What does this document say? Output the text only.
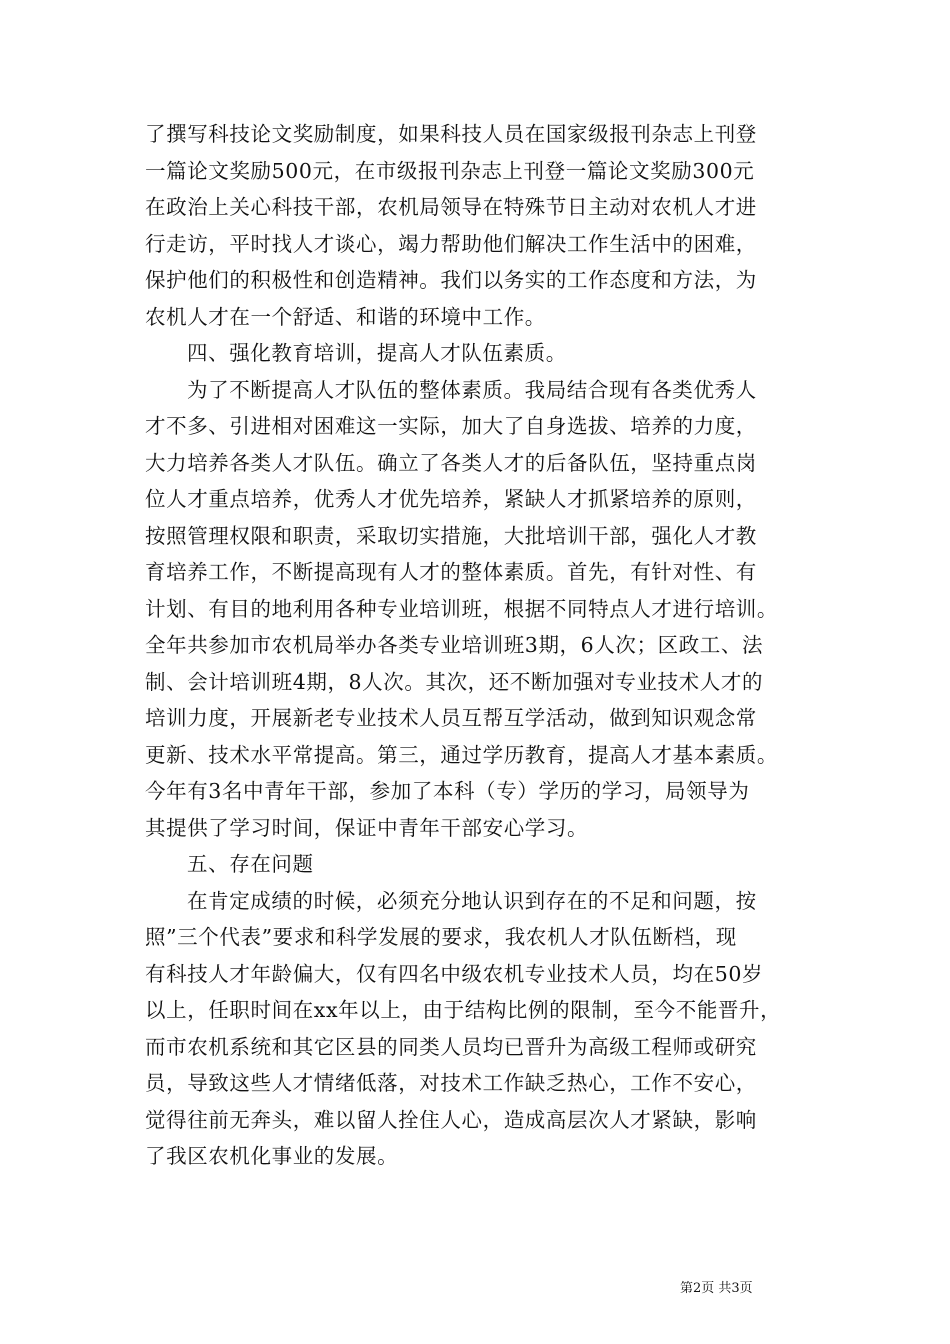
了撰写科技论文奖励制度，如果科技人员在国家级报刊杂志上刊登
一篇论文奖励500元，在市级报刊杂志上刊登一篇论文奖励300元
在政治上关心科技干部，农机局领导在特殊节日主动对农机人才进
行走访，平时找人才谈心，竭力帮助他们解决工作生活中的困难，
保护他们的积极性和创造精神。我们以务实的工作态度和方法，为
农机人才在一个舒适、和谐的环境中工作。
四、强化教育培训，提高人才队伍素质。
为了不断提高人才队伍的整体素质。我局结合现有各类优秀人
才不多、引进相对困难这一实际，加大了自身选拔、培养的力度，
大力培养各类人才队伍。确立了各类人才的后备队伍，坚持重点岗
位人才重点培养，优秀人才优先培养，紧缺人才抓紧培养的原则，
按照管理权限和职责，采取切实措施，大批培训干部，强化人才教
育培养工作，不断提高现有人才的整体素质。首先，有针对性、有
计划、有目的地利用各种专业培训班，根据不同特点人才进行培训。
全年共参加市农机局举办各类专业培训班3期，6人次；区政工、法
制、会计培训班4期，8人次。其次，还不断加强对专业技术人才的
培训力度，开展新老专业技术人员互帮互学活动，做到知识观念常
更新、技术水平常提高。第三，通过学历教育，提高人才基本素质。
今年有3名中青年干部，参加了本科（专）学历的学习，局领导为
其提供了学习时间，保证中青年干部安心学习。
五、存在问题
在肯定成绩的时候，必须充分地认识到存在的不足和问题，按
照”三个代表”要求和科学发展的要求，我农机人才队伍断档，现
有科技人才年龄偏大，仅有四名中级农机专业技术人员，均在50岁
以上，任职时间在xx年以上，由于结构比例的限制，至今不能晋升，
而市农机系统和其它区县的同类人员均已晋升为高级工程师或研究
员，导致这些人才情绪低落，对技术工作缺乏热心，工作不安心，
觉得往前无奔头，难以留人拴住人心，造成高层次人才紧缺，影响
了我区农机化事业的发展。
第2页 共3页
